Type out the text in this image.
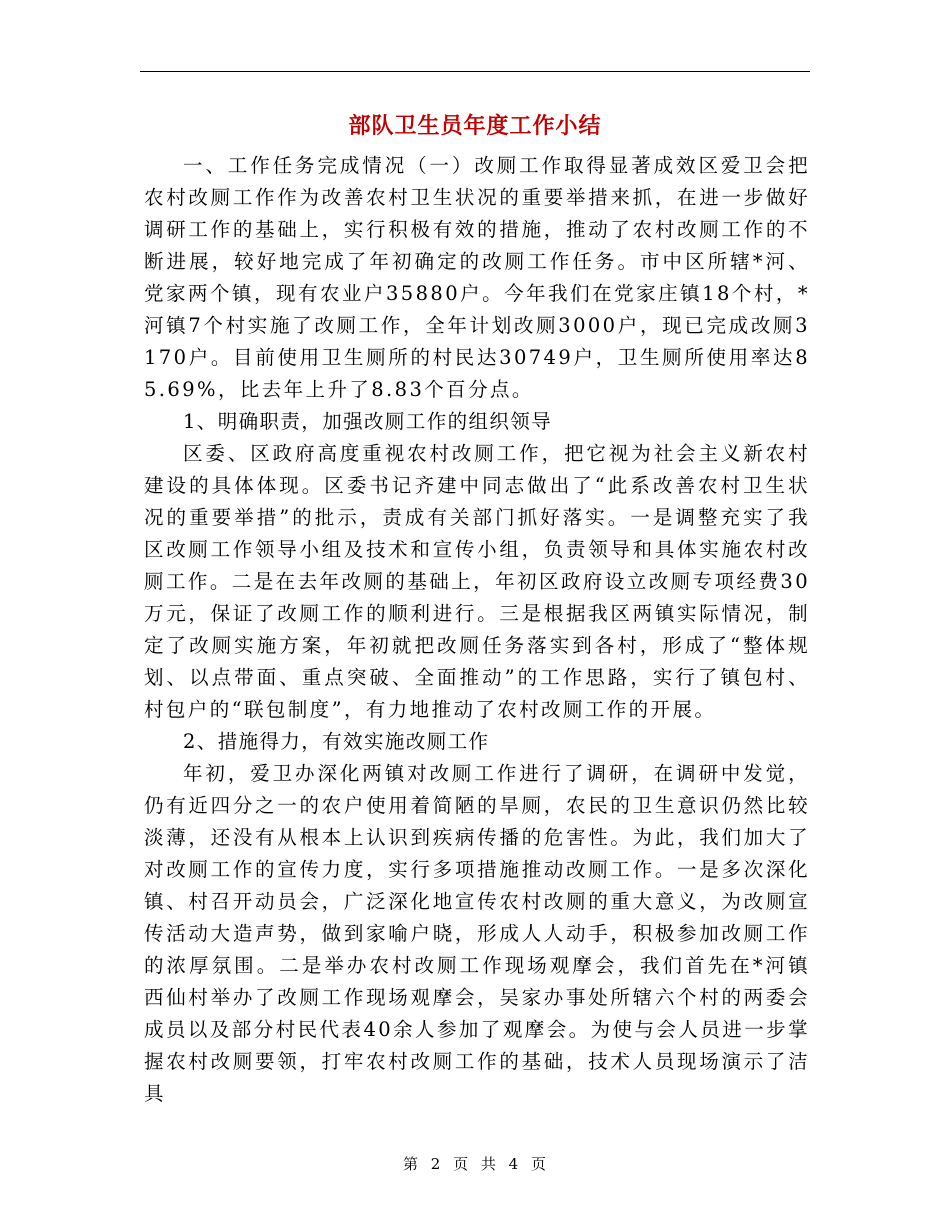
部队卫生员年度工作小结

一、工作任务完成情况（一）改厕工作取得显著成效区爱卫会把农村改厕工作作为改善农村卫生状况的重要举措来抓，在进一步做好调研工作的基础上，实行积极有效的措施，推动了农村改厕工作的不断进展，较好地完成了年初确定的改厕工作任务。市中区所辖*河、党家两个镇，现有农业户35880户。今年我们在党家庄镇18个村，*河镇7个村实施了改厕工作，全年计划改厕3000户，现已完成改厕3170户。目前使用卫生厕所的村民达30749户，卫生厕所使用率达85.69%，比去年上升了8.83个百分点。

1、明确职责，加强改厕工作的组织领导

区委、区政府高度重视农村改厕工作，把它视为社会主义新农村建设的具体体现。区委书记齐建中同志做出了“此系改善农村卫生状况的重要举措”的批示，责成有关部门抓好落实。一是调整充实了我区改厕工作领导小组及技术和宣传小组，负责领导和具体实施农村改厕工作。二是在去年改厕的基础上，年初区政府设立改厕专项经费30万元，保证了改厕工作的顺利进行。三是根据我区两镇实际情况，制定了改厕实施方案，年初就把改厕任务落实到各村，形成了“整体规划、以点带面、重点突破、全面推动”的工作思路，实行了镇包村、村包户的“联包制度”，有力地推动了农村改厕工作的开展。

2、措施得力，有效实施改厕工作

年初，爱卫办深化两镇对改厕工作进行了调研，在调研中发觉，仍有近四分之一的农户使用着简陋的旱厕，农民的卫生意识仍然比较淡薄，还没有从根本上认识到疾病传播的危害性。为此，我们加大了对改厕工作的宣传力度，实行多项措施推动改厕工作。一是多次深化镇、村召开动员会，广泛深化地宣传农村改厕的重大意义，为改厕宣传活动大造声势，做到家喻户晓，形成人人动手，积极参加改厕工作的浓厚氛围。二是举办农村改厕工作现场观摩会，我们首先在*河镇西仙村举办了改厕工作现场观摩会，吴家办事处所辖六个村的两委会成员以及部分村民代表40余人参加了观摩会。为使与会人员进一步掌握农村改厕要领，打牢农村改厕工作的基础，技术人员现场演示了洁具

第 2 页 共 4 页
